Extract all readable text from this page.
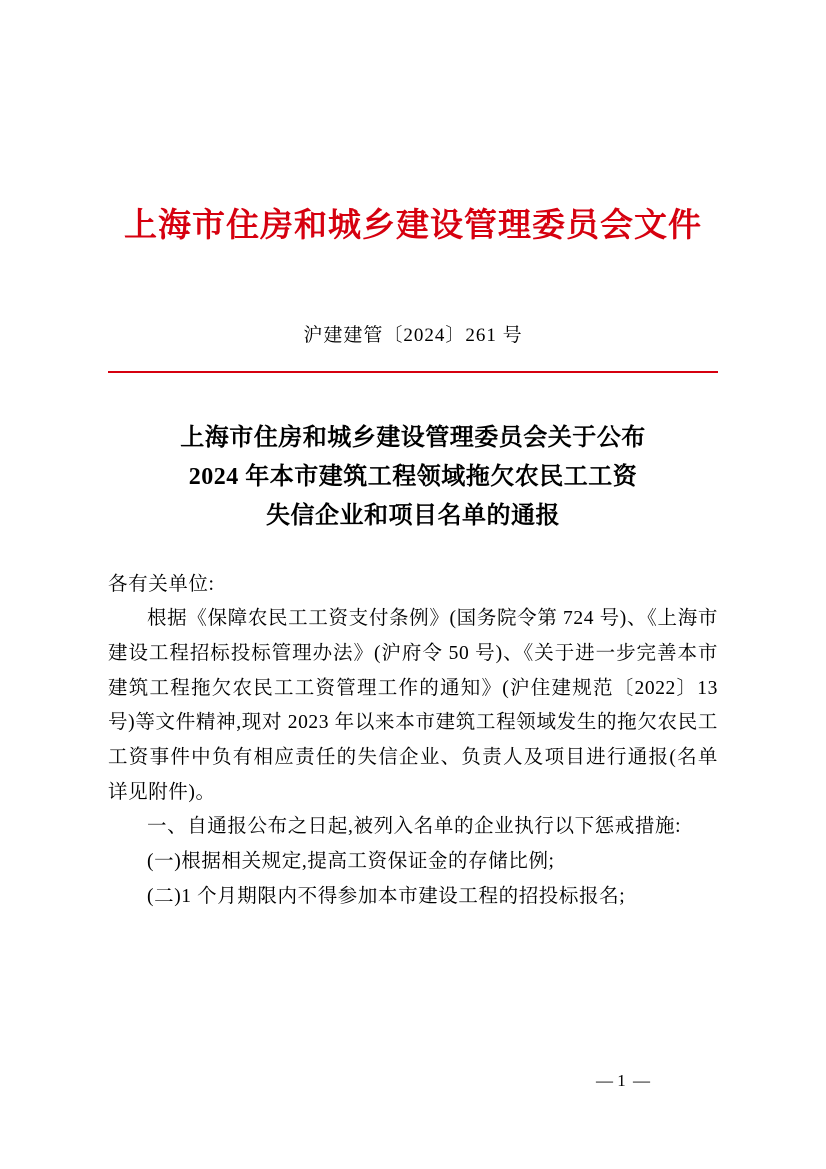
上海市住房和城乡建设管理委员会文件
沪建建管〔2024〕261 号
上海市住房和城乡建设管理委员会关于公布
2024 年本市建筑工程领域拖欠农民工工资
失信企业和项目名单的通报

各有关单位:

根据《保障农民工工资支付条例》(国务院令第 724 号)、《上海市建设工程招标投标管理办法》(沪府令 50 号)、《关于进一步完善本市建筑工程拖欠农民工工资管理工作的通知》(沪住建规范〔2022〕13 号)等文件精神,现对 2023 年以来本市建筑工程领域发生的拖欠农民工工资事件中负有相应责任的失信企业、负责人及项目进行通报(名单详见附件)。

一、自通报公布之日起,被列入名单的企业执行以下惩戒措施:

(一)根据相关规定,提高工资保证金的存储比例;

(二)1 个月期限内不得参加本市建设工程的招投标报名;

— 1 —
